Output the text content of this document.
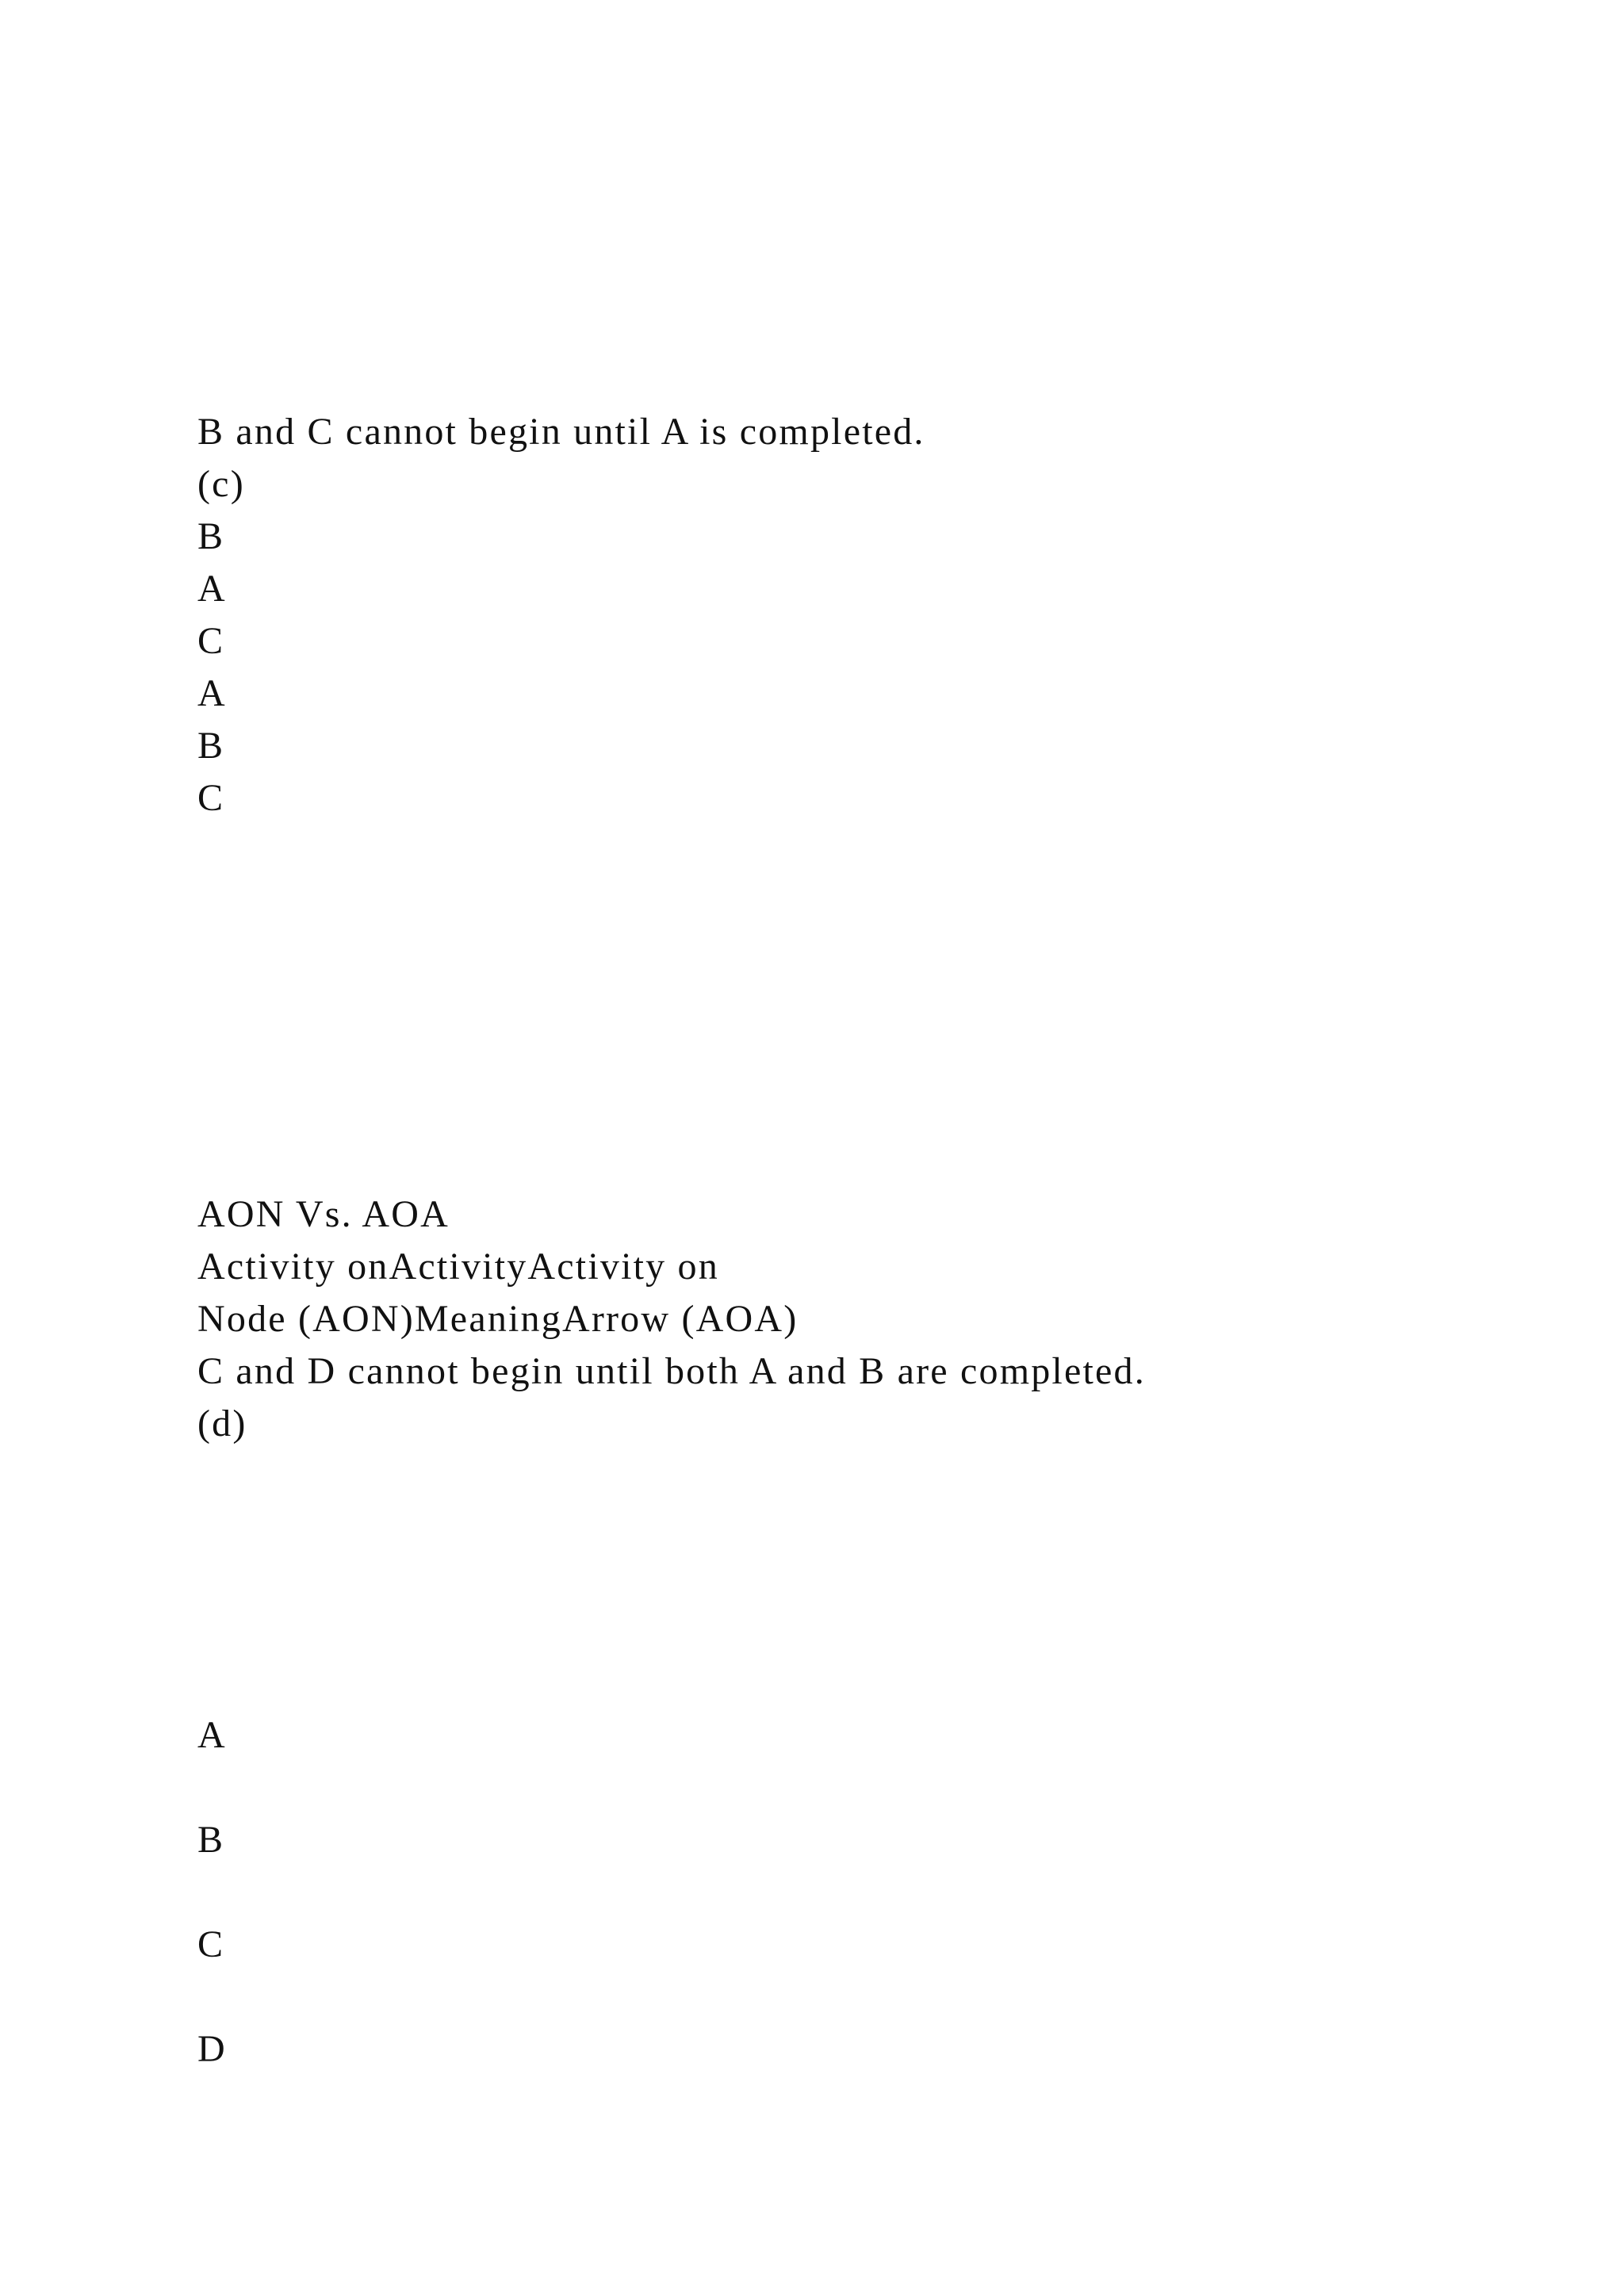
B and C cannot begin until A is completed.

(c)

B

A

C

A

B

C

AON Vs. AOA

Activity onActivityActivity on

Node (AON)MeaningArrow (AOA)

C and D cannot begin until both A and B are completed.

(d)

A

B

C

D
